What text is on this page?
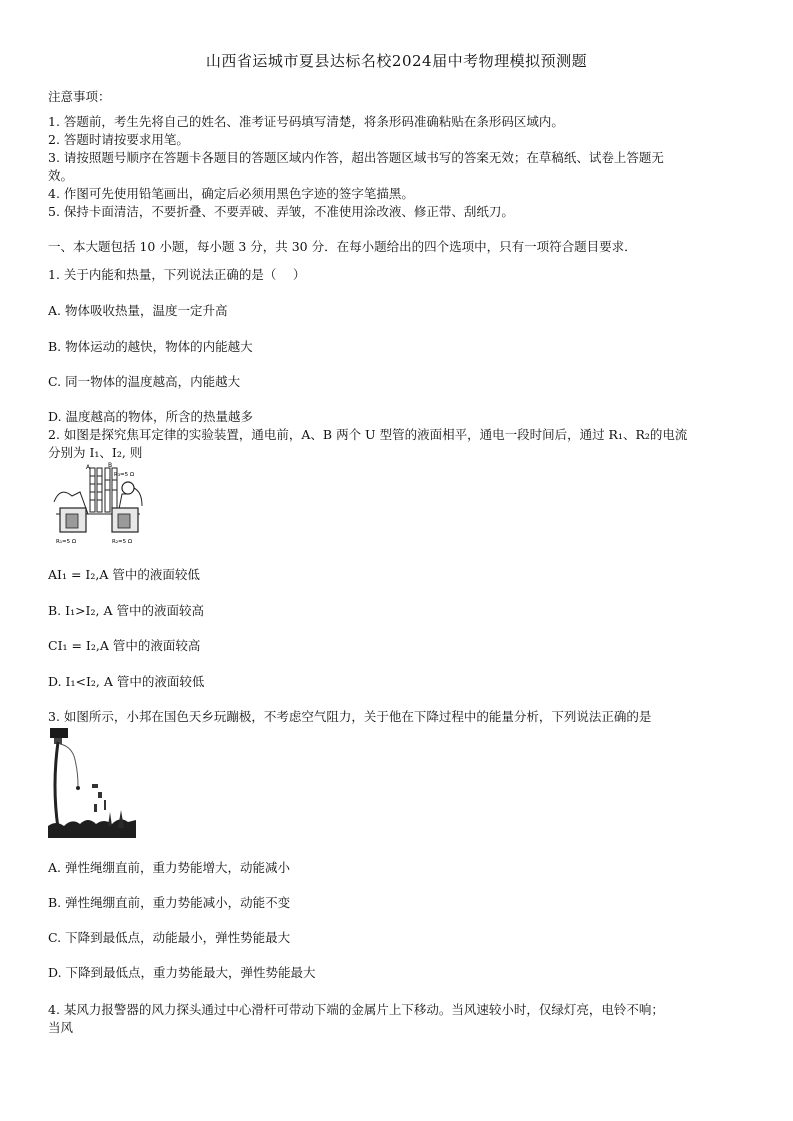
山西省运城市夏县达标名校2024届中考物理模拟预测题
注意事项：
1. 答题前，考生先将自己的姓名、准考证号码填写清楚，将条形码准确粘贴在条形码区域内。
2. 答题时请按要求用笔。
3. 请按照题号顺序在答题卡各题目的答题区域内作答，超出答题区域书写的答案无效；在草稿纸、试卷上答题无
效。
4. 作图可先使用铅笔画出，确定后必须用黑色字迹的签字笔描黑。
5. 保持卡面清洁，不要折叠、不要弄破、弄皱，不准使用涂改液、修正带、刮纸刀。
一、本大题包括 10 小题，每小题 3 分，共 30 分．在每小题给出的四个选项中，只有一项符合题目要求．
1. 关于内能和热量，下列说法正确的是（　 ）
A. 物体吸收热量，温度一定升高
B. 物体运动的越快，物体的内能越大
C. 同一物体的温度越高，内能越大
D. 温度越高的物体，所含的热量越多
2. 如图是探究焦耳定律的实验装置，通电前，A、B 两个 U 型管的液面相平，通电一段时间后，通过 R₁、R₂的电流
分别为 I₁、I₂, 则
A	B
R₃=5 Ω
R₁=5 Ω	R₂=5 Ω
AI₁ = I₂,A 管中的液面较低
B. I₁>I₂, A 管中的液面较高
CI₁ = I₂,A 管中的液面较高
D. I₁<I₂, A 管中的液面较低
3. 如图所示，小邦在国色天乡玩蹦极，不考虑空气阻力，关于他在下降过程中的能量分析，下列说法正确的是
A. 弹性绳绷直前，重力势能增大，动能减小
B. 弹性绳绷直前，重力势能减小，动能不变
C. 下降到最低点，动能最小，弹性势能最大
D. 下降到最低点，重力势能最大，弹性势能最大
4. 某风力报警器的风力探头通过中心滑杆可带动下端的金属片上下移动。当风速较小时，仅绿灯亮，电铃不响；
当风
